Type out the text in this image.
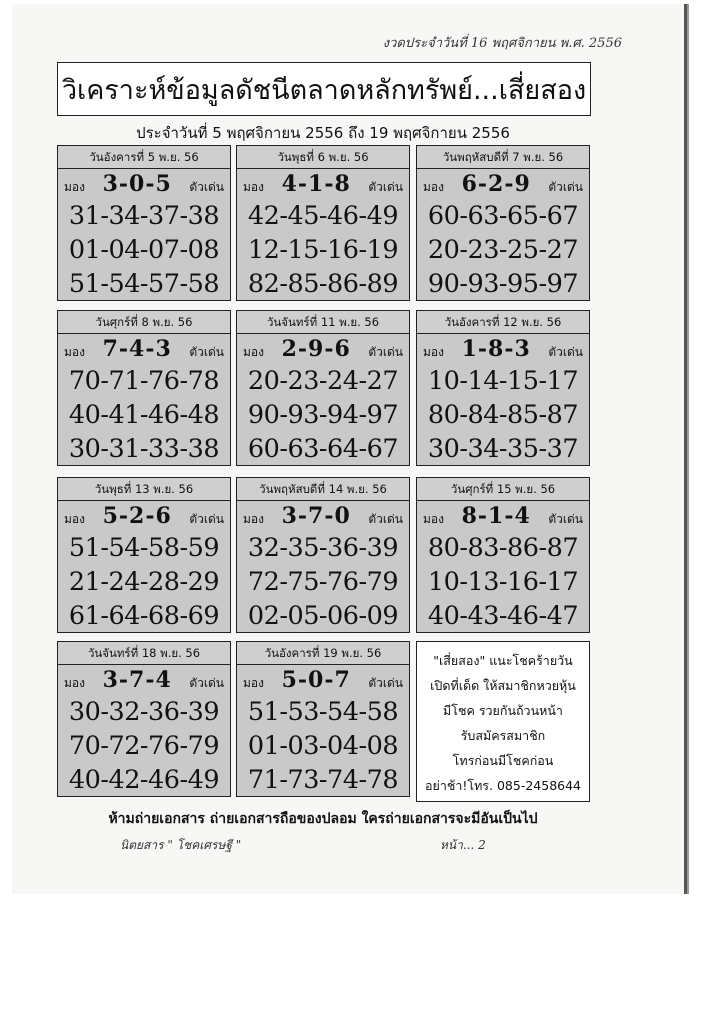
งวดประจำวันที่ 16 พฤศจิกายน พ.ศ. 2556
วิเคราะห์ข้อมูลดัชนีตลาดหลักทรัพย์...เสี่ยสอง
ประจำวันที่ 5 พฤศจิกายน 2556 ถึง 19 พฤศจิกายน 2556
วันอังคารที่ 5 พ.ย. 56
มอง 3-0-5 ตัวเด่น
31-34-37-38
01-04-07-08
51-54-57-58
วันพุธที่ 6 พ.ย. 56
มอง 4-1-8 ตัวเด่น
42-45-46-49
12-15-16-19
82-85-86-89
วันพฤหัสบดีที่ 7 พ.ย. 56
มอง 6-2-9 ตัวเด่น
60-63-65-67
20-23-25-27
90-93-95-97
วันศุกร์ที่ 8 พ.ย. 56
มอง 7-4-3 ตัวเด่น
70-71-76-78
40-41-46-48
30-31-33-38
วันจันทร์ที่ 11 พ.ย. 56
มอง 2-9-6 ตัวเด่น
20-23-24-27
90-93-94-97
60-63-64-67
วันอังคารที่ 12 พ.ย. 56
มอง 1-8-3 ตัวเด่น
10-14-15-17
80-84-85-87
30-34-35-37
วันพุธที่ 13 พ.ย. 56
มอง 5-2-6 ตัวเด่น
51-54-58-59
21-24-28-29
61-64-68-69
วันพฤหัสบดีที่ 14 พ.ย. 56
มอง 3-7-0 ตัวเด่น
32-35-36-39
72-75-76-79
02-05-06-09
วันศุกร์ที่ 15 พ.ย. 56
มอง 8-1-4 ตัวเด่น
80-83-86-87
10-13-16-17
40-43-46-47
วันจันทร์ที่ 18 พ.ย. 56
มอง 3-7-4 ตัวเด่น
30-32-36-39
70-72-76-79
40-42-46-49
วันอังคารที่ 19 พ.ย. 56
มอง 5-0-7 ตัวเด่น
51-53-54-58
01-03-04-08
71-73-74-78
"เสี่ยสอง" แนะโชคร้ายวัน
เปิดที่เด็ด ให้สมาชิกหวยหุ้น
มีโชค รวยกันถ้วนหน้า
รับสมัครสมาชิก
โทรก่อนมีโชคก่อน
อย่าช้า!โทร. 085-2458644
ห้ามถ่ายเอกสาร ถ่ายเอกสารถือของปลอม ใครถ่ายเอกสารจะมีอันเป็นไป
นิตยสาร " โชคเศรษฐี "	หน้า... 2
